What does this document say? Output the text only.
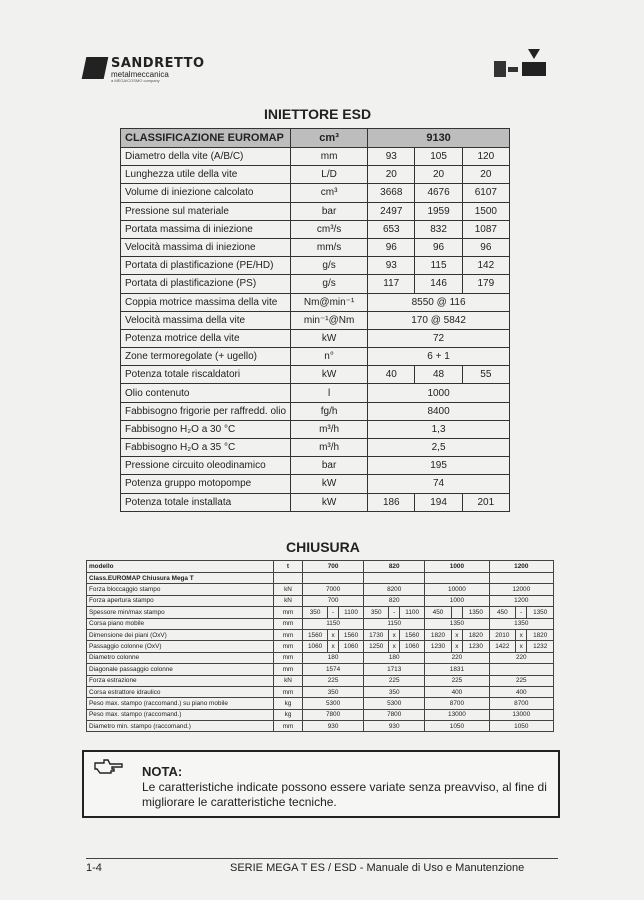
SANDRETTO
metalmeccanica
a MEGA/COSMO company
INIETTORE ESD
CLASSIFICAZIONE EUROMAP	cm³	9130		
Diametro della vite (A/B/C)	mm	93	105	120
Lunghezza utile della vite	L/D	20	20	20
Volume di iniezione calcolato	cm³	3668	4676	6107
Pressione sul materiale	bar	2497	1959	1500
Portata massima di iniezione	cm³/s	653	832	1087
Velocità massima di iniezione	mm/s	96	96	96
Portata di plastificazione (PE/HD)	g/s	93	115	142
Portata di plastificazione (PS)	g/s	117	146	179
Coppia motrice massima della vite	Nm@min⁻¹	8550 @ 116		
Velocità massima della vite	min⁻¹@Nm	170 @ 5842		
Potenza motrice della vite	kW	72		
Zone termoregolate (+ ugello)	n°	6 + 1		
Potenza totale riscaldatori	kW	40	48	55
Olio contenuto	l	1000		
Fabbisogno frigorie per raffredd. olio	fg/h	8400		
Fabbisogno H₂O a 30 °C	m³/h	1,3		
Fabbisogno H₂O a 35 °C	m³/h	2,5		
Pressione circuito oleodinamico	bar	195		
Potenza gruppo motopompe	kW	74		
Potenza totale installata	kW	186	194	201
CHIUSURA
modello	t	700			820			1000			1200		
Class.EUROMAP Chiusura Mega T													
Forza bloccaggio stampo	kN	7000			8200			10000			12000		
Forza apertura stampo	kN	700			820			1000			1200		
Spessore min/max stampo	mm	350	-	1100	350	-	1100	450		1350	450	-	1350
Corsa piano mobile	mm	1150			1150			1350			1350		
Dimensione dei piani (OxV)	mm	1560	x	1560	1730	x	1560	1820	x	1820	2010	x	1820
Passaggio colonne (OxV)	mm	1060	x	1060	1250	x	1060	1230	x	1230	1422	x	1232
Diametro colonne	mm	180			180			220			220		
Diagonale passaggio colonne	mm	1574			1713			1831					
Forza estrazione	kN	225			225			225			225		
Corsa estrattore idraulico	mm	350			350			400			400		
Peso max. stampo (raccomand.) su piano mobile	kg	5300			5300			8700			8700		
Peso max. stampo (raccomand.)	kg	7800			7800			13000			13000		
Diametro min. stampo (raccomand.)	mm	930			930			1050			1050		
NOTA:
Le caratteristiche indicate possono essere variate senza preavviso, al fine di migliorare le caratteristiche tecniche.
1-4	SERIE MEGA T ES / ESD - Manuale di Uso e Manutenzione
